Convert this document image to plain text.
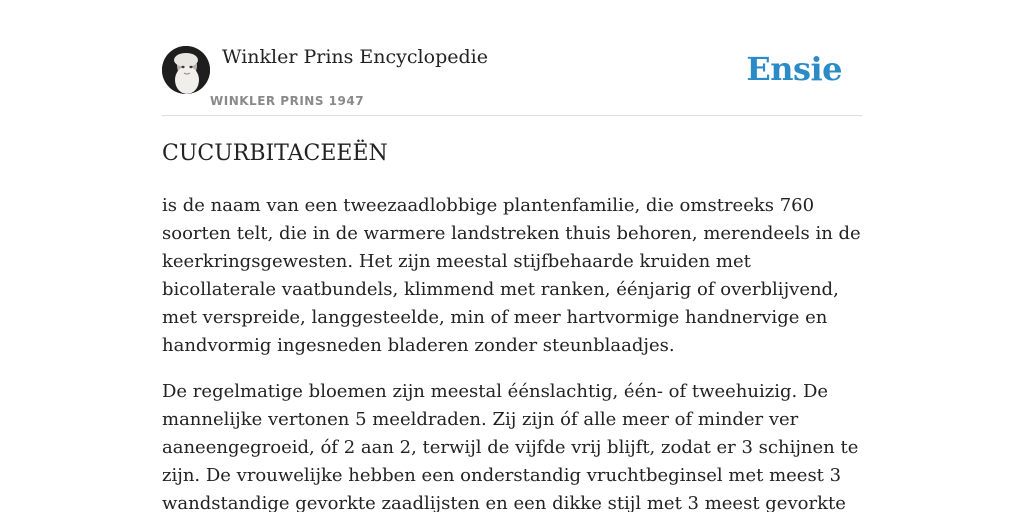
Winkler Prins Encyclopedie
WINKLER PRINS 1947
Ensie
CUCURBITACEEËN

is de naam van een tweezaadlobbige plantenfamilie, die omstreeks 760 soorten telt, die in de warmere landstreken thuis behoren, merendeels in de keerkringsgewesten. Het zijn meestal stijfbehaarde kruiden met bicollaterale vaatbundels, klimmend met ranken, éénjarig of overblijvend, met verspreide, langgesteelde, min of meer hartvormige handnervige en handvormig ingesneden bladeren zonder steunblaadjes.

De regelmatige bloemen zijn meestal éénslachtig, één- of tweehuizig. De mannelijke vertonen 5 meeldraden. Zij zijn óf alle meer of minder ver aaneengegroeid, óf 2 aan 2, terwijl de vijfde vrij blijft, zodat er 3 schijnen te zijn. De vrouwelijke hebben een onderstandig vruchtbeginsel met meest 3 wandstandige gevorkte zaadlijsten en een dikke stijl met 3 meest gevorkte
